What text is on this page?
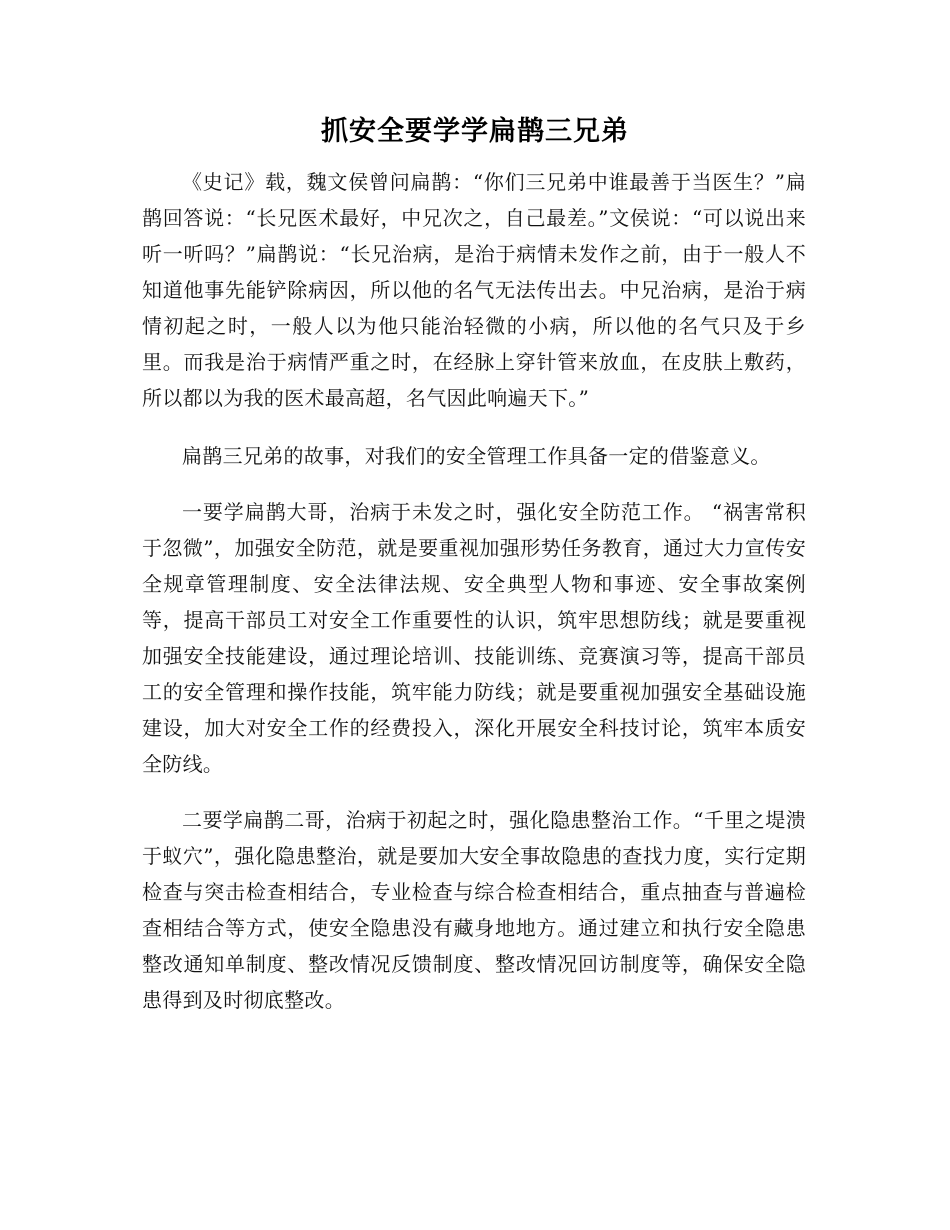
抓安全要学学扁鹊三兄弟

《史记》载，魏文侯曾问扁鹊：“你们三兄弟中谁最善于当医生？”扁鹊回答说：“长兄医术最好，中兄次之，自己最差。”文侯说：“可以说出来听一听吗？”扁鹊说：“长兄治病，是治于病情未发作之前，由于一般人不知道他事先能铲除病因，所以他的名气无法传出去。中兄治病，是治于病情初起之时，一般人以为他只能治轻微的小病，所以他的名气只及于乡里。而我是治于病情严重之时，在经脉上穿针管来放血，在皮肤上敷药，所以都以为我的医术最高超，名气因此响遍天下。”

扁鹊三兄弟的故事，对我们的安全管理工作具备一定的借鉴意义。

一要学扁鹊大哥，治病于未发之时，强化安全防范工作。 “祸害常积于忽微”，加强安全防范，就是要重视加强形势任务教育，通过大力宣传安全规章管理制度、安全法律法规、安全典型人物和事迹、安全事故案例等，提高干部员工对安全工作重要性的认识，筑牢思想防线；就是要重视加强安全技能建设，通过理论培训、技能训练、竞赛演习等，提高干部员工的安全管理和操作技能，筑牢能力防线；就是要重视加强安全基础设施建设，加大对安全工作的经费投入，深化开展安全科技讨论，筑牢本质安全防线。

二要学扁鹊二哥，治病于初起之时，强化隐患整治工作。“千里之堤溃于蚁穴”，强化隐患整治，就是要加大安全事故隐患的查找力度，实行定期检查与突击检查相结合，专业检查与综合检查相结合，重点抽查与普遍检查相结合等方式，使安全隐患没有藏身地地方。通过建立和执行安全隐患整改通知单制度、整改情况反馈制度、整改情况回访制度等，确保安全隐患得到及时彻底整改。
